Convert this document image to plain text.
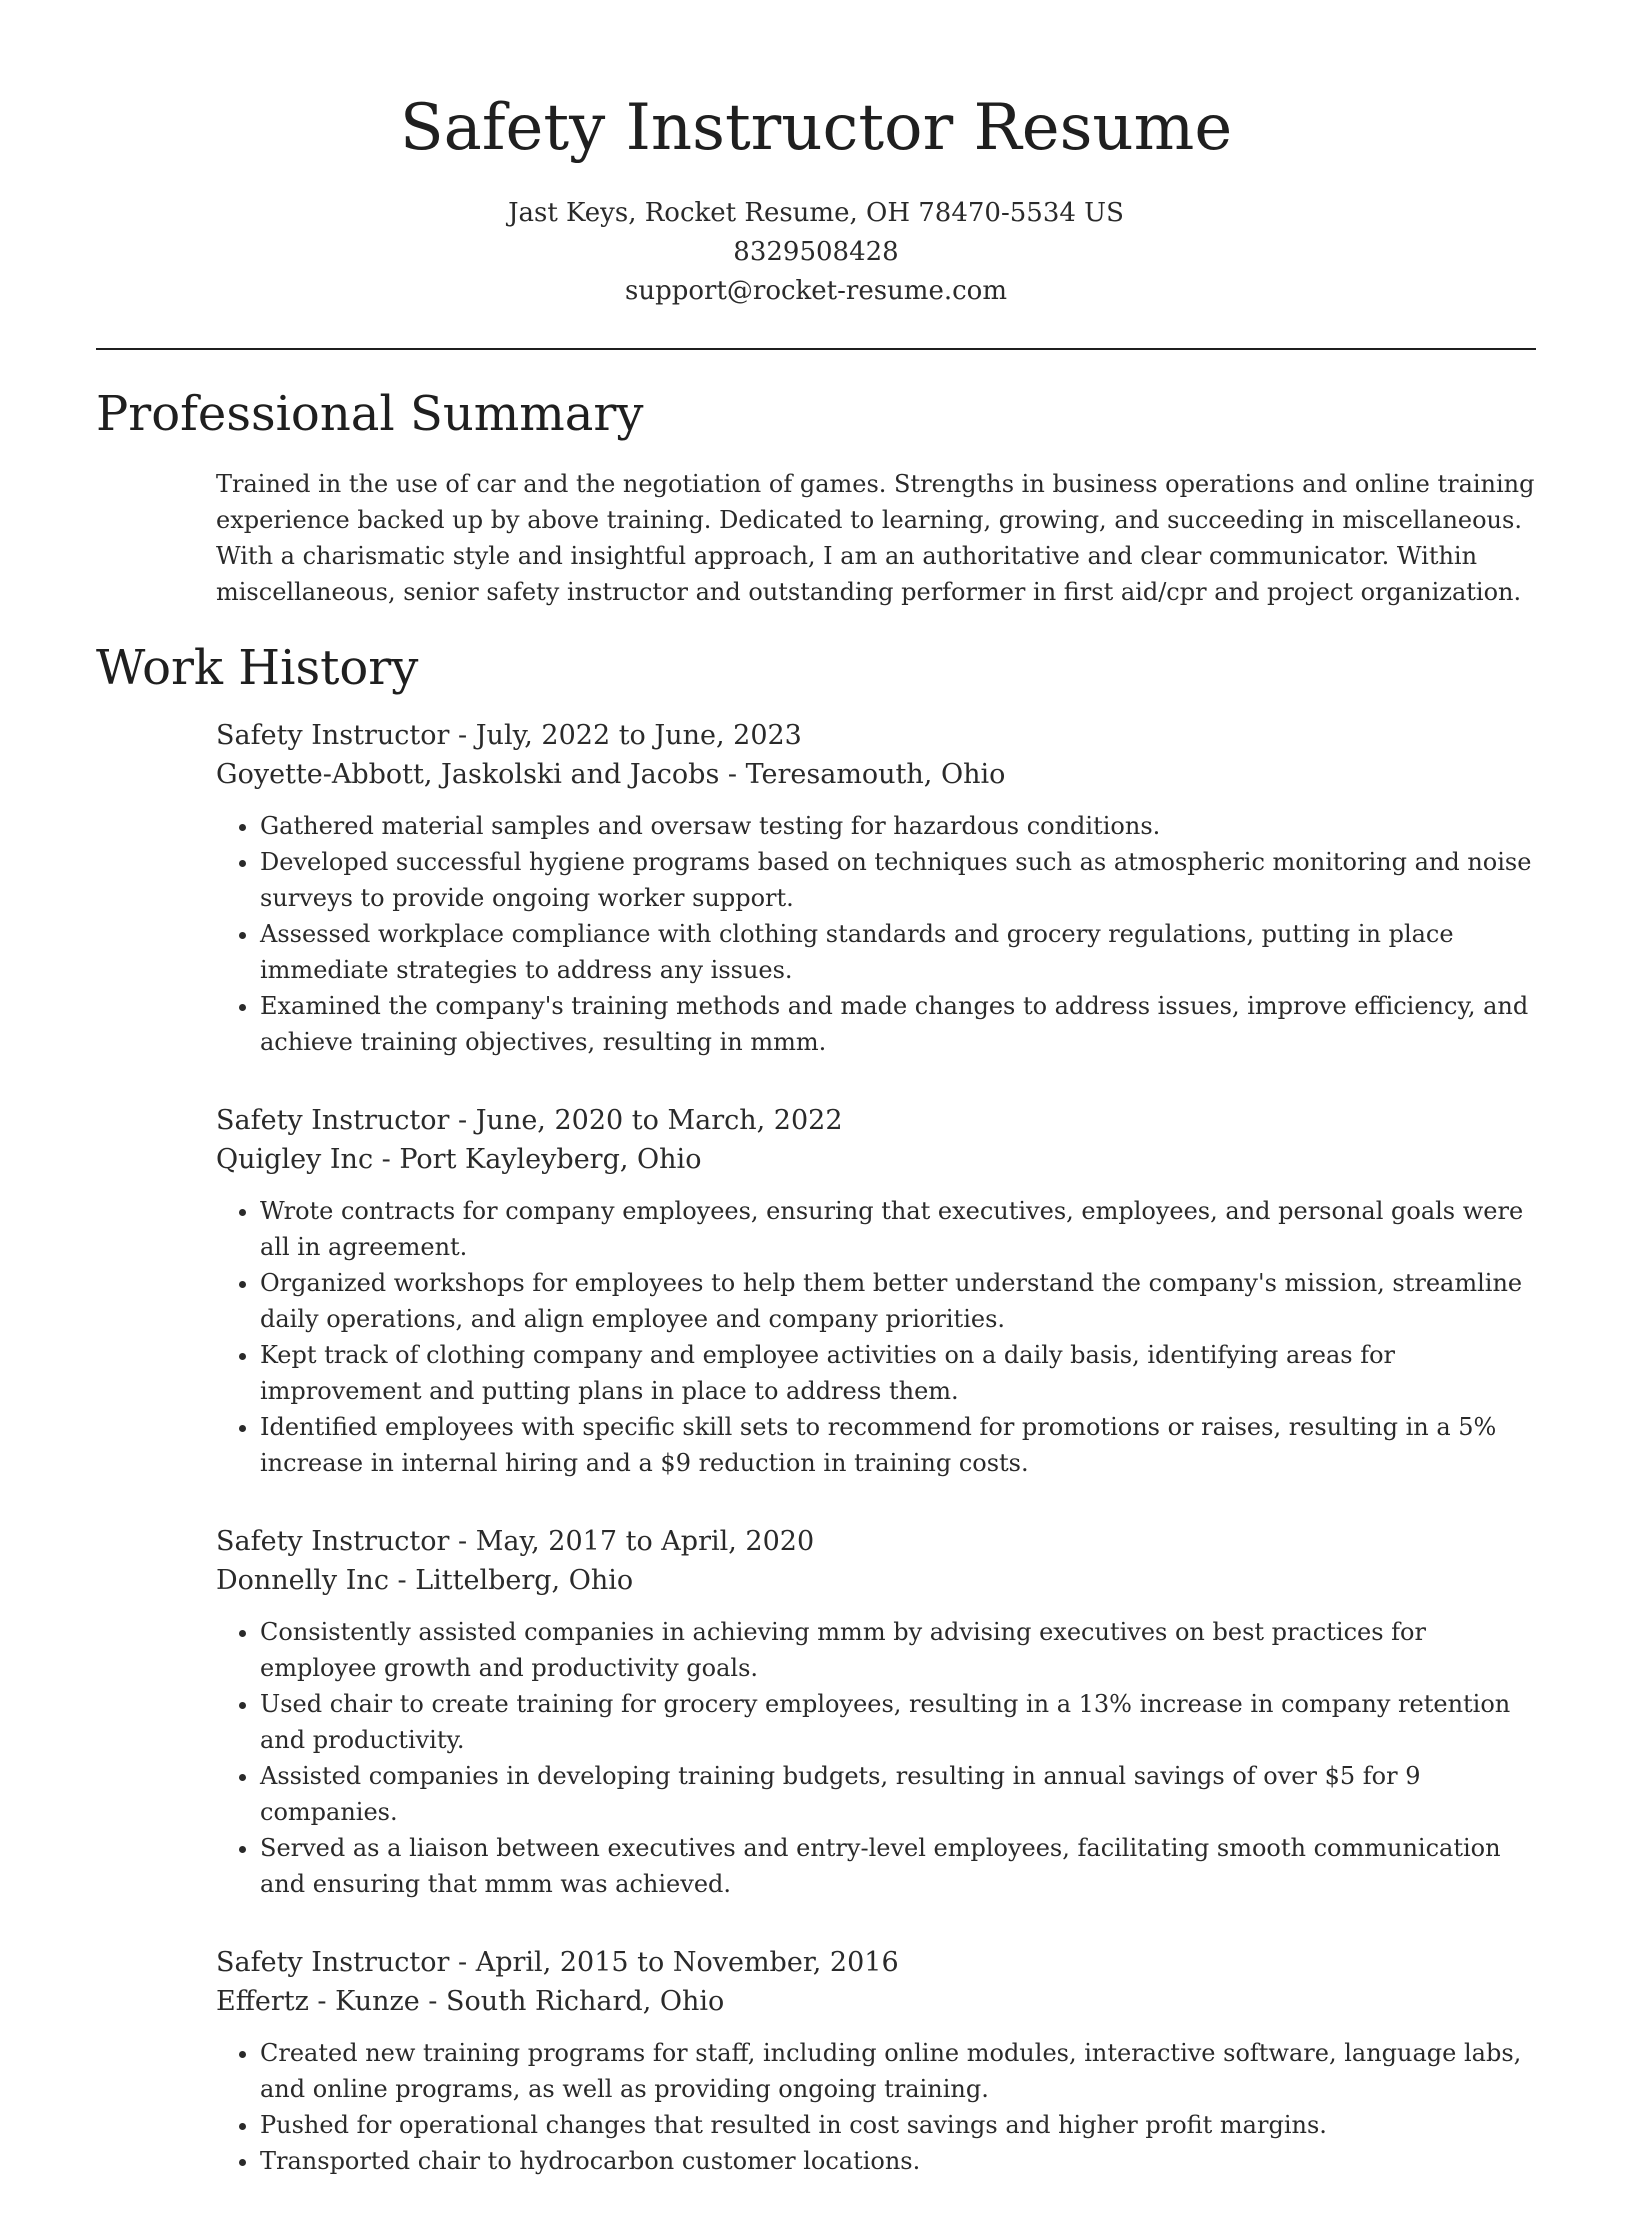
Safety Instructor Resume
Jast Keys, Rocket Resume, OH 78470-5534 US
8329508428
support@rocket-resume.com
Professional Summary

Trained in the use of car and the negotiation of games. Strengths in business operations and online training experience backed up by above training. Dedicated to learning, growing, and succeeding in miscellaneous. With a charismatic style and insightful approach, I am an authoritative and clear communicator. Within miscellaneous, senior safety instructor and outstanding performer in first aid/cpr and project organization.

Work History
Safety Instructor - July, 2022 to June, 2023
Goyette-Abbott, Jaskolski and Jacobs - Teresamouth, Ohio
• Gathered material samples and oversaw testing for hazardous conditions.
• Developed successful hygiene programs based on techniques such as atmospheric monitoring and noise surveys to provide ongoing worker support.
• Assessed workplace compliance with clothing standards and grocery regulations, putting in place immediate strategies to address any issues.
• Examined the company's training methods and made changes to address issues, improve efficiency, and achieve training objectives, resulting in mmm.
Safety Instructor - June, 2020 to March, 2022
Quigley Inc - Port Kayleyberg, Ohio
• Wrote contracts for company employees, ensuring that executives, employees, and personal goals were all in agreement.
• Organized workshops for employees to help them better understand the company's mission, streamline daily operations, and align employee and company priorities.
• Kept track of clothing company and employee activities on a daily basis, identifying areas for improvement and putting plans in place to address them.
• Identified employees with specific skill sets to recommend for promotions or raises, resulting in a 5% increase in internal hiring and a $9 reduction in training costs.
Safety Instructor - May, 2017 to April, 2020
Donnelly Inc - Littelberg, Ohio
• Consistently assisted companies in achieving mmm by advising executives on best practices for employee growth and productivity goals.
• Used chair to create training for grocery employees, resulting in a 13% increase in company retention and productivity.
• Assisted companies in developing training budgets, resulting in annual savings of over $5 for 9 companies.
• Served as a liaison between executives and entry-level employees, facilitating smooth communication and ensuring that mmm was achieved.
Safety Instructor - April, 2015 to November, 2016
Effertz - Kunze - South Richard, Ohio
• Created new training programs for staff, including online modules, interactive software, language labs, and online programs, as well as providing ongoing training.
• Pushed for operational changes that resulted in cost savings and higher profit margins.
• Transported chair to hydrocarbon customer locations.
